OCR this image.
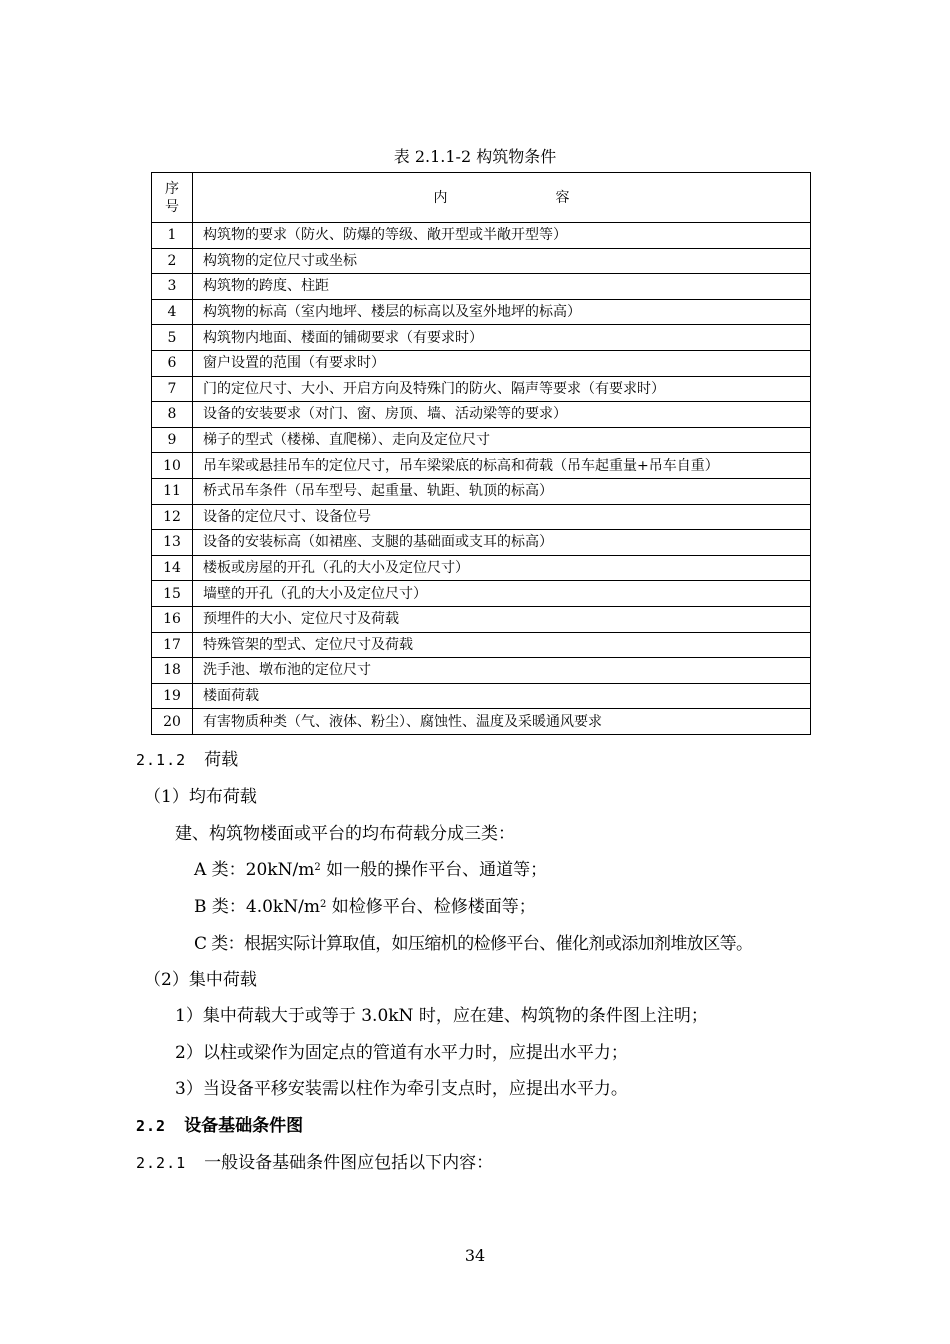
表 2.1.1-2 构筑物条件
序
号	内 容
1	构筑物的要求（防火、防爆的等级、敞开型或半敞开型等）
2	构筑物的定位尺寸或坐标
3	构筑物的跨度、柱距
4	构筑物的标高（室内地坪、楼层的标高以及室外地坪的标高）
5	构筑物内地面、楼面的铺砌要求（有要求时）
6	窗户设置的范围（有要求时）
7	门的定位尺寸、大小、开启方向及特殊门的防火、隔声等要求（有要求时）
8	设备的安装要求（对门、窗、房顶、墙、活动梁等的要求）
9	梯子的型式（楼梯、直爬梯）、走向及定位尺寸
10	吊车梁或悬挂吊车的定位尺寸，吊车梁梁底的标高和荷载（吊车起重量+吊车自重）
11	桥式吊车条件（吊车型号、起重量、轨距、轨顶的标高）
12	设备的定位尺寸、设备位号
13	设备的安装标高（如裙座、支腿的基础面或支耳的标高）
14	楼板或房屋的开孔（孔的大小及定位尺寸）
15	墙壁的开孔（孔的大小及定位尺寸）
16	预埋件的大小、定位尺寸及荷载
17	特殊管架的型式、定位尺寸及荷载
18	洗手池、墩布池的定位尺寸
19	楼面荷载
20	有害物质种类（气、液体、粉尘）、腐蚀性、温度及采暖通风要求
2.1.2 荷载
（1）均布荷载
建、构筑物楼面或平台的均布荷载分成三类：
A 类：$20kN/m^2$ 如一般的操作平台、通道等；
B 类：$4.0kN/m^2$ 如检修平台、检修楼面等；
C 类：根据实际计算取值，如压缩机的检修平台、催化剂或添加剂堆放区等。
（2）集中荷载
1）集中荷载大于或等于 3.0kN 时，应在建、构筑物的条件图上注明；
2）以柱或梁作为固定点的管道有水平力时，应提出水平力；
3）当设备平移安装需以柱作为牵引支点时，应提出水平力。
2.2 设备基础条件图
2.2.1 一般设备基础条件图应包括以下内容：
34
